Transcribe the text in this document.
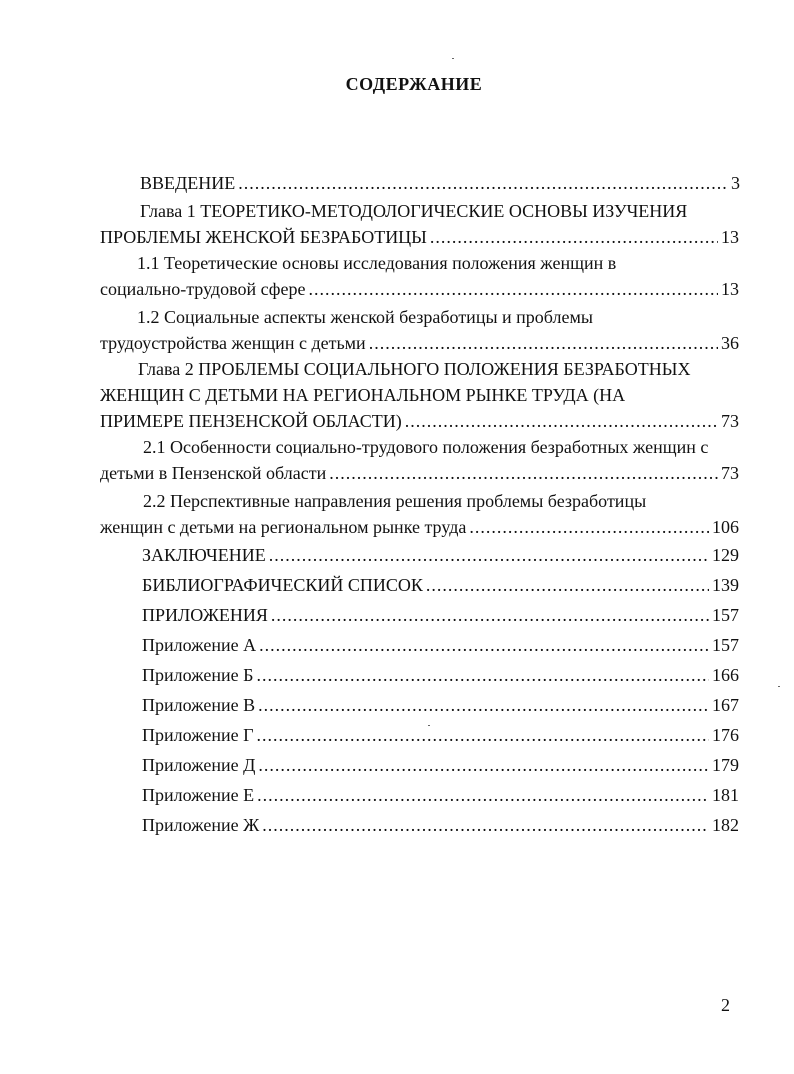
СОДЕРЖАНИЕ
ВВЕДЕНИЕ .....	3
Глава 1 ТЕОРЕТИКО-МЕТОДОЛОГИЧЕСКИЕ ОСНОВЫ ИЗУЧЕНИЯ
ПРОБЛЕМЫ ЖЕНСКОЙ БЕЗРАБОТИЦЫ .....	13
1.1 Теоретические основы исследования положения женщин в
социально-трудовой сфере .....	13
1.2 Социальные аспекты женской безработицы и проблемы
трудоустройства женщин с детьми .....	36
Глава 2 ПРОБЛЕМЫ СОЦИАЛЬНОГО ПОЛОЖЕНИЯ БЕЗРАБОТНЫХ
ЖЕНЩИН С ДЕТЬМИ НА РЕГИОНАЛЬНОМ РЫНКЕ ТРУДА (НА
ПРИМЕРЕ ПЕНЗЕНСКОЙ ОБЛАСТИ) .....	73
2.1 Особенности социально-трудового положения безработных женщин с
детьми в Пензенской области .....	73
2.2 Перспективные направления решения проблемы безработицы
женщин с детьми на региональном рынке труда .....	106
ЗАКЛЮЧЕНИЕ .....	129
БИБЛИОГРАФИЧЕСКИЙ СПИСОК .....	139
ПРИЛОЖЕНИЯ .....	157
Приложение А .....	157
Приложение Б .....	166
Приложение В .....	167
Приложение Г .....	176
Приложение Д .....	179
Приложение Е .....	181
Приложение Ж .....	182
2
